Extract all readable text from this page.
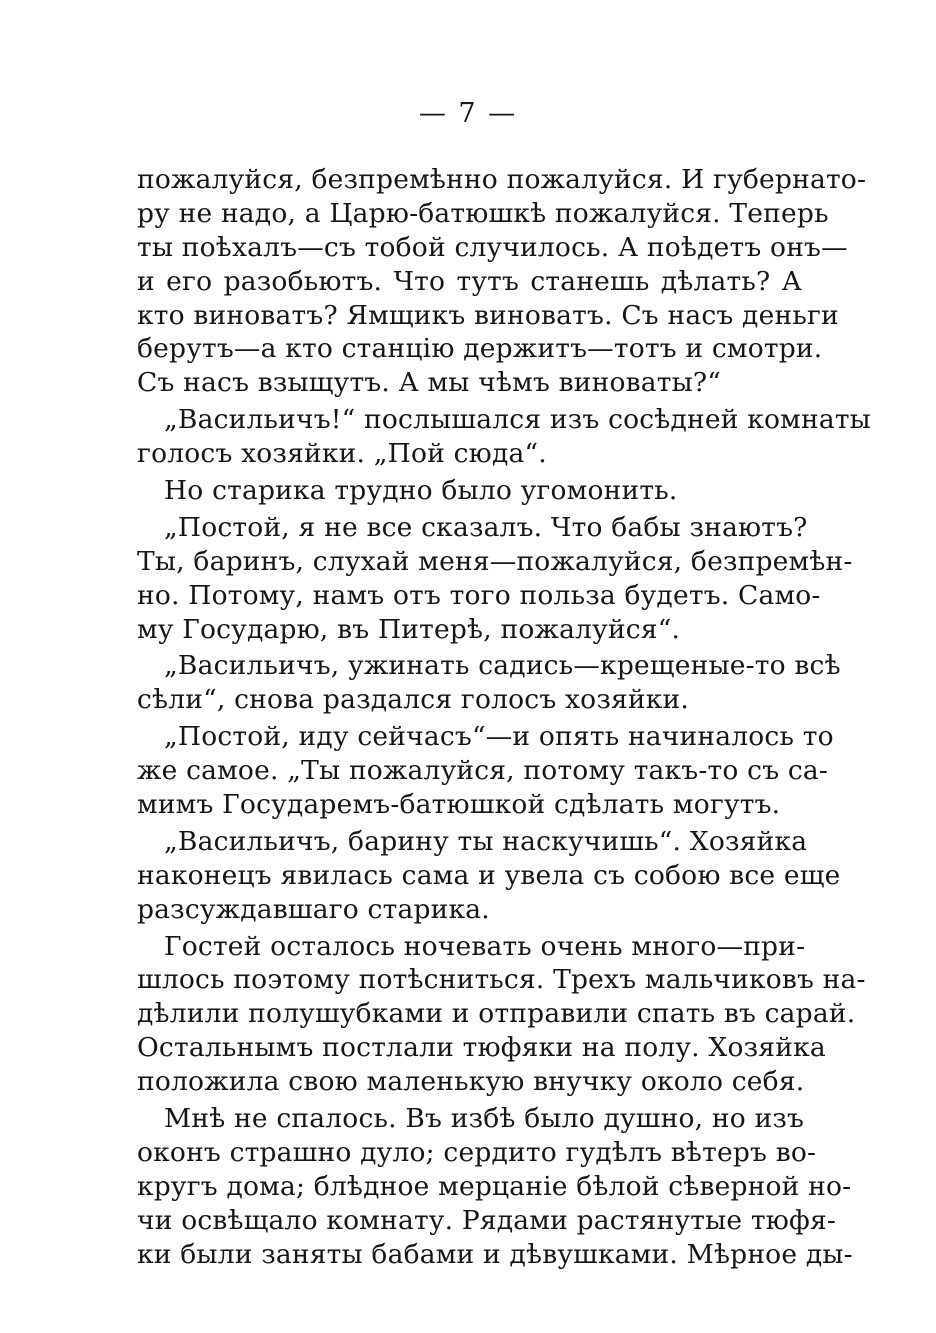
— 7 —
пожалуйся, безпремѣнно пожалуйся. И губернато-
ру не надо, а Царю-батюшкѣ пожалуйся. Теперь
ты поѣхалъ—съ тобой случилось. А поѣдетъ онъ—
и его разобьютъ. Что тутъ станешь дѣлать? А
кто виноватъ? Ямщикъ виноватъ. Съ насъ деньги
берутъ—а кто станцію держитъ—тотъ и смотри.
Съ насъ взыщутъ. А мы чѣмъ виноваты?“
„Васильичъ!“ послышался изъ сосѣдней комнаты
голосъ хозяйки. „Пой сюда“.
Но старика трудно было угомонить.
„Постой, я не все сказалъ. Что бабы знаютъ?
Ты, баринъ, слухай меня—пожалуйся, безпремѣн-
но. Потому, намъ отъ того польза будетъ. Само-
му Государю, въ Питерѣ, пожалуйся“.
„Васильичъ, ужинать садись—крещеные-то всѣ
сѣли“, снова раздался голосъ хозяйки.
„Постой, иду сейчасъ“—и опять начиналось то
же самое. „Ты пожалуйся, потому такъ-то съ са-
мимъ Государемъ-батюшкой сдѣлать могутъ.
„Васильичъ, барину ты наскучишь“. Хозяйка
наконецъ явилась сама и увела съ собою все еще
разсуждавшаго старика.
Гостей осталось ночевать очень много—при-
шлось поэтому потѣсниться. Трехъ мальчиковъ на-
дѣлили полушубками и отправили спать въ сарай.
Остальнымъ постлали тюфяки на полу. Хозяйка
положила свою маленькую внучку около себя.
Мнѣ не спалось. Въ избѣ было душно, но изъ
оконъ страшно дуло; сердито гудѣлъ вѣтеръ во-
кругъ дома; блѣдное мерцаніе бѣлой сѣверной но-
чи освѣщало комнату. Рядами растянутые тюфя-
ки были заняты бабами и дѣвушками. Мѣрное ды-
